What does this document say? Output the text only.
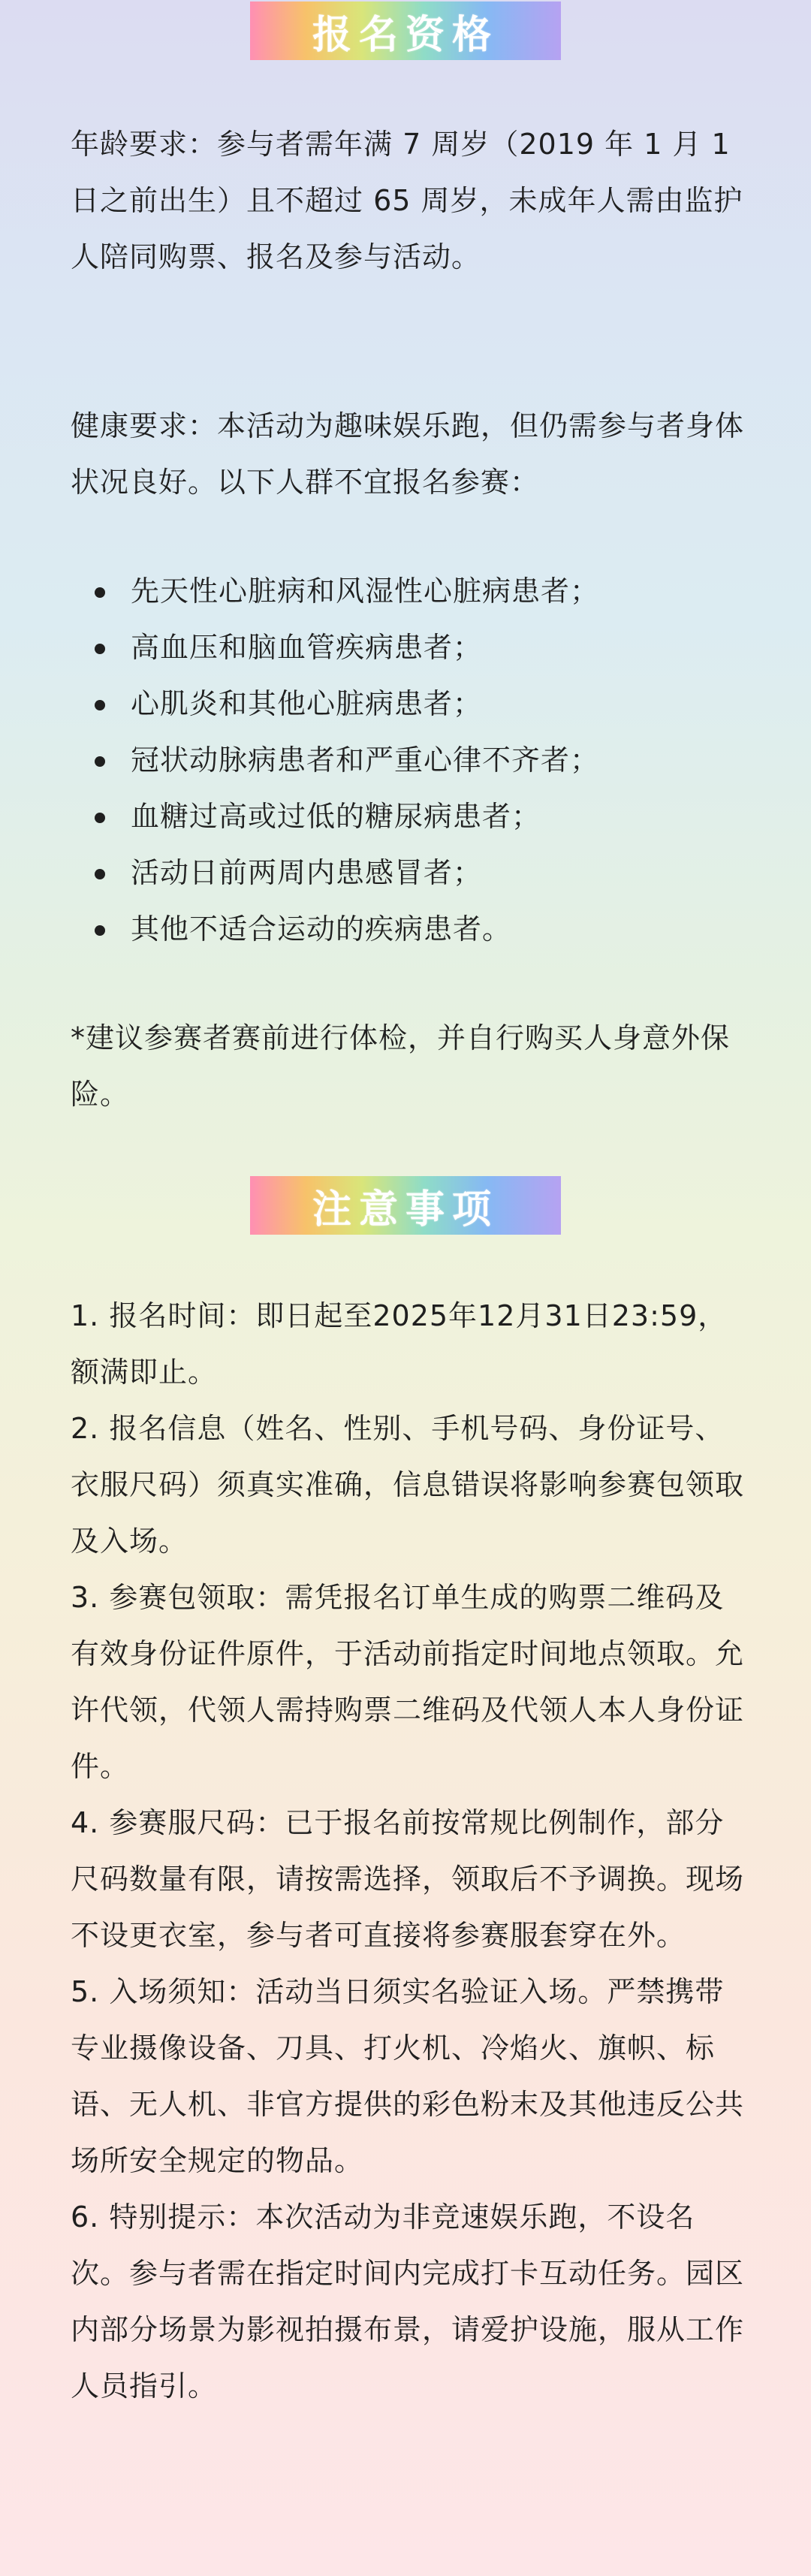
报名资格

年龄要求：参与者需年满 7 周岁（2019 年 1 月 1 日之前出生）且不超过 65 周岁，未成年人需由监护人陪同购票、报名及参与活动。

健康要求：本活动为趣味娱乐跑，但仍需参与者身体状况良好。以下人群不宜报名参赛：

先天性心脏病和风湿性心脏病患者；
高血压和脑血管疾病患者；
心肌炎和其他心脏病患者；
冠状动脉病患者和严重心律不齐者；
血糖过高或过低的糖尿病患者；
活动日前两周内患感冒者；
其他不适合运动的疾病患者。

*建议参赛者赛前进行体检，并自行购买人身意外保险。

注意事项

1. 报名时间：即日起至2025年12月31日23:59，额满即止。

2. 报名信息（姓名、性别、手机号码、身份证号、衣服尺码）须真实准确，信息错误将影响参赛包领取及入场。

3. 参赛包领取：需凭报名订单生成的购票二维码及有效身份证件原件，于活动前指定时间地点领取。允许代领，代领人需持购票二维码及代领人本人身份证件。

4. 参赛服尺码：已于报名前按常规比例制作，部分尺码数量有限，请按需选择，领取后不予调换。现场不设更衣室，参与者可直接将参赛服套穿在外。

5. 入场须知：活动当日须实名验证入场。严禁携带专业摄像设备、刀具、打火机、冷焰火、旗帜、标语、无人机、非官方提供的彩色粉末及其他违反公共场所安全规定的物品。

6. 特别提示：本次活动为非竞速娱乐跑，不设名次。参与者需在指定时间内完成打卡互动任务。园区内部分场景为影视拍摄布景，请爱护设施，服从工作人员指引。
